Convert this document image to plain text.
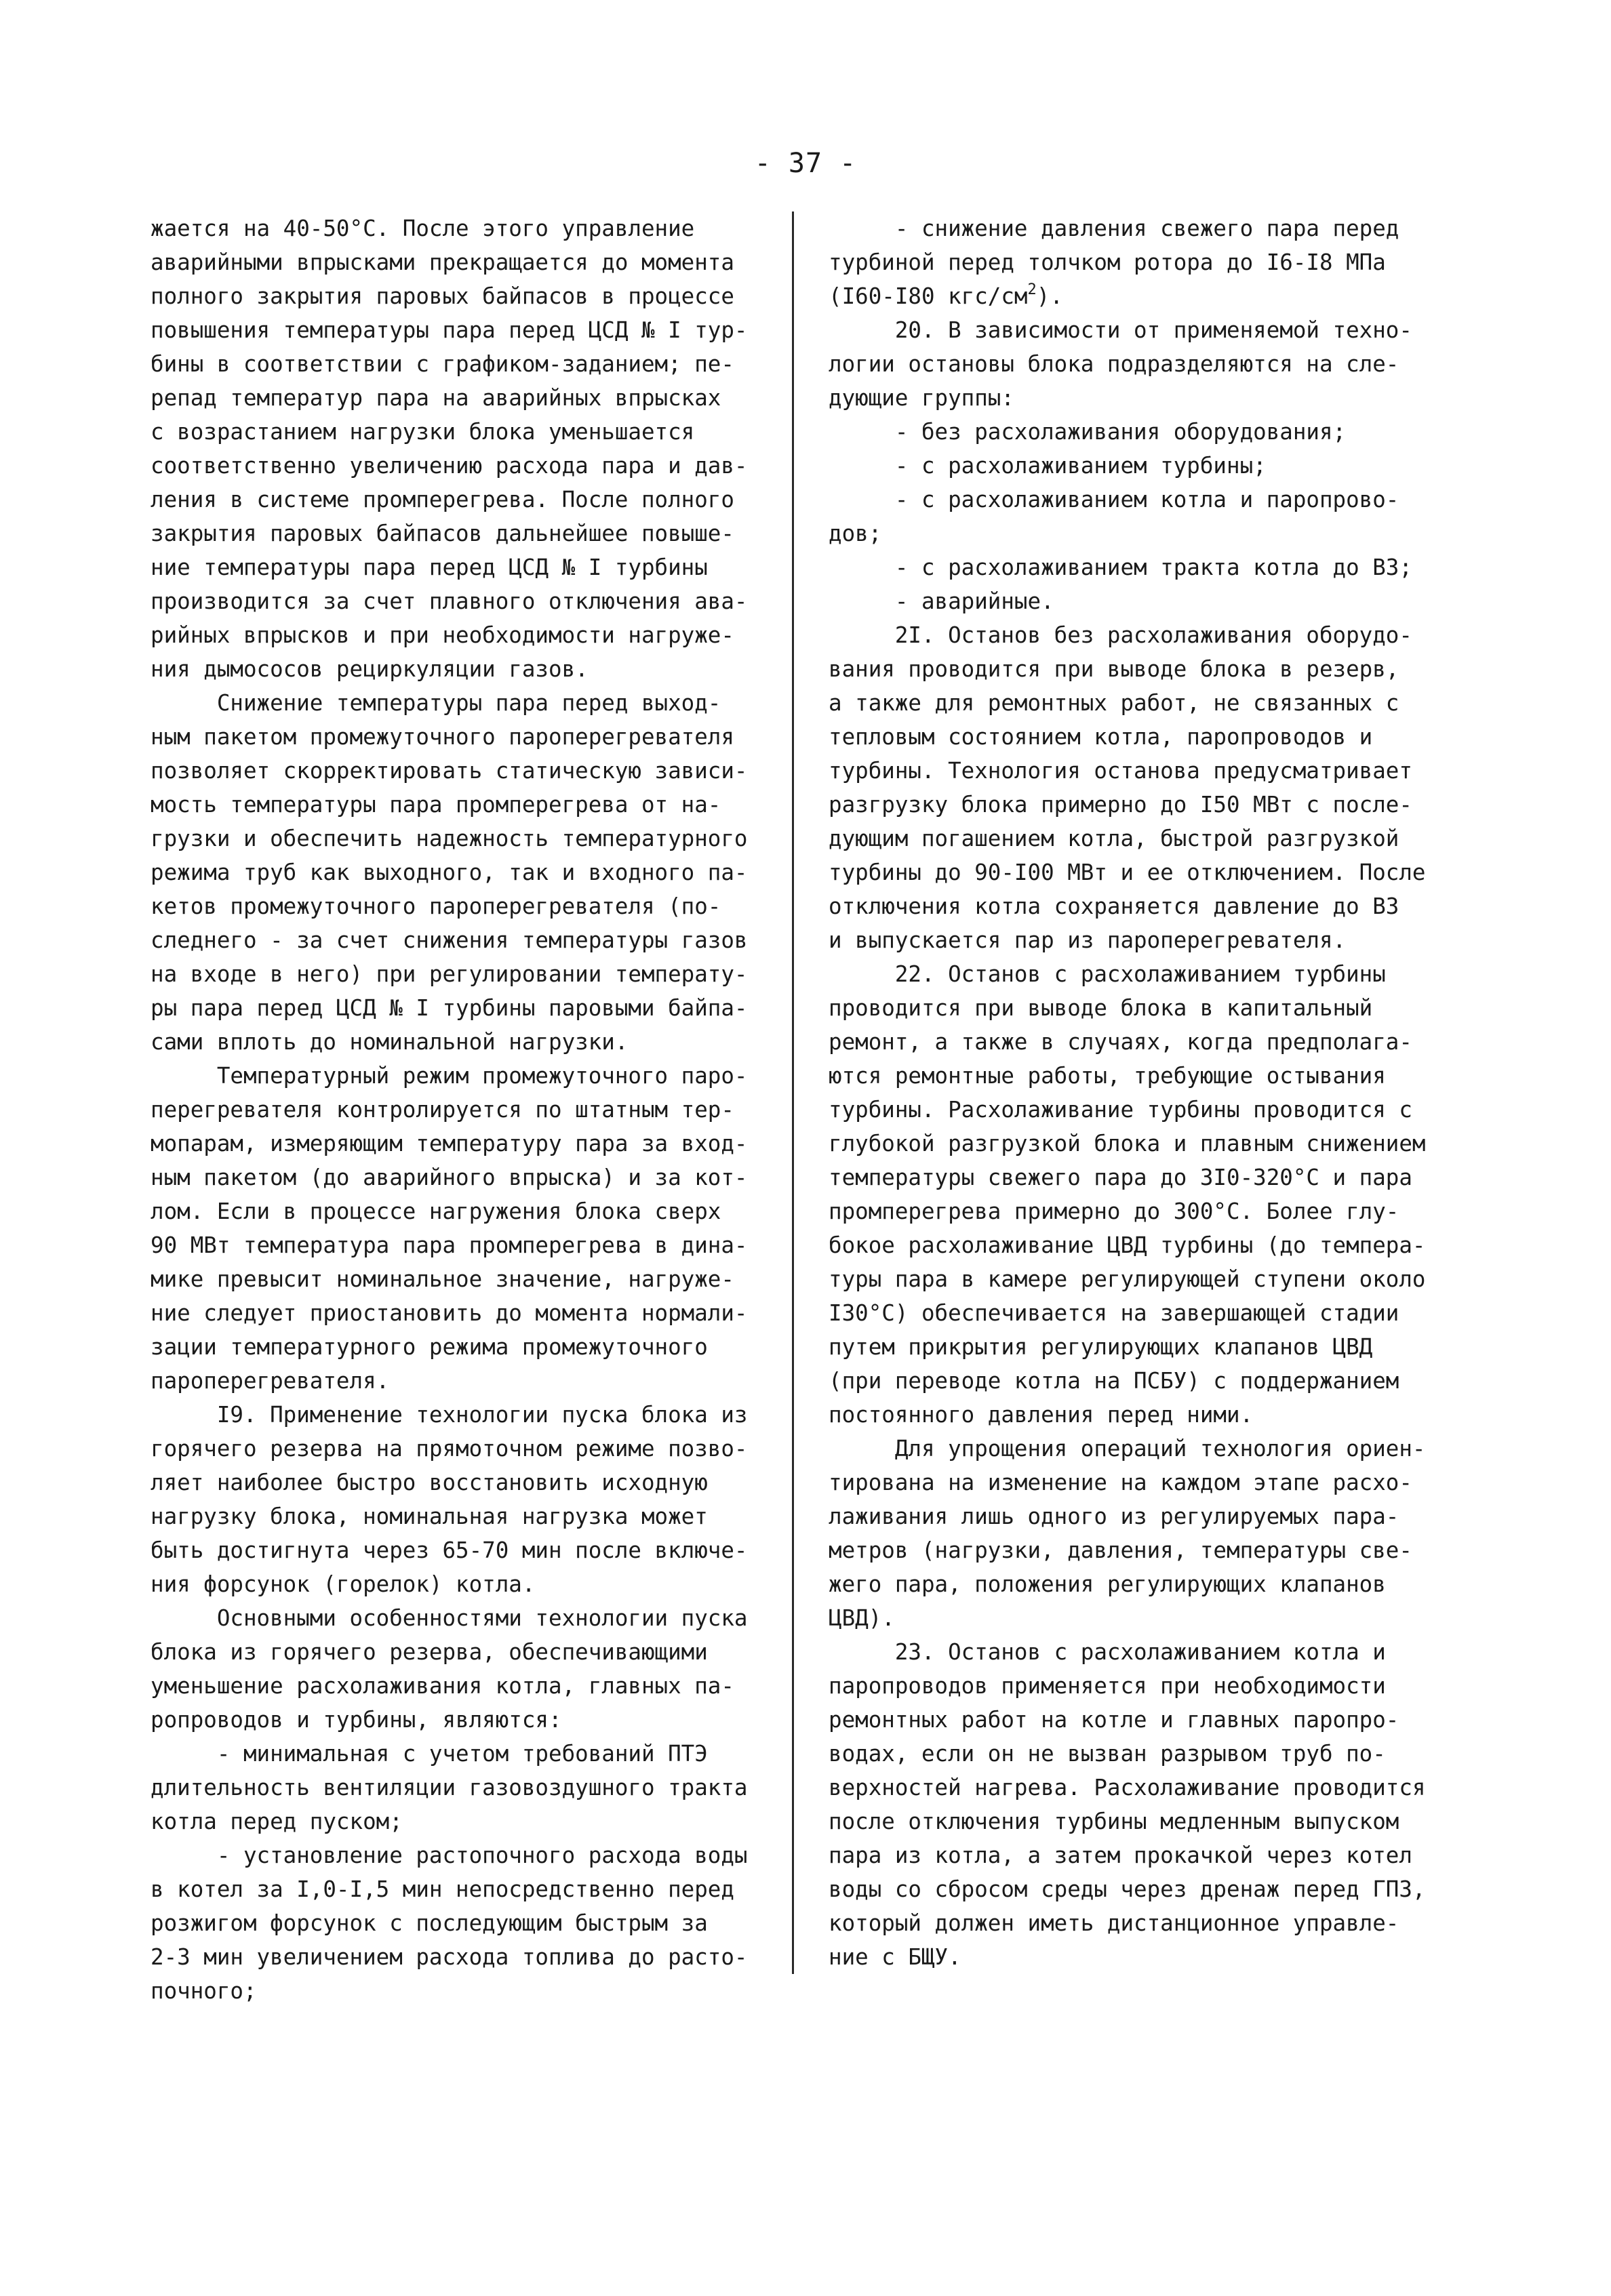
- 37 -
жается на 40-50°С. После этого управление
аварийными впрысками прекращается до момента
полного закрытия паровых байпасов в процессе
повышения температуры пара перед ЦСД № I тур-
бины в соответствии с графиком-заданием; пе-
репад температур пара на аварийных впрысках
с возрастанием нагрузки блока уменьшается
соответственно увеличению расхода пара и дав-
ления в системе промперегрева. После полного
закрытия паровых байпасов дальнейшее повыше-
ние температуры пара перед ЦСД № I турбины
производится за счет плавного отключения ава-
рийных впрысков и при необходимости нагруже-
ния дымососов рециркуляции газов.
Снижение температуры пара перед выход-
ным пакетом промежуточного пароперегревателя
позволяет скорректировать статическую зависи-
мость температуры пара промперегрева от на-
грузки и обеспечить надежность температурного
режима труб как выходного, так и входного па-
кетов промежуточного пароперегревателя (по-
следнего - за счет снижения температуры газов
на входе в него) при регулировании температу-
ры пара перед ЦСД № I турбины паровыми байпа-
сами вплоть до номинальной нагрузки.
Температурный режим промежуточного паро-
перегревателя контролируется по штатным тер-
мопарам, измеряющим температуру пара за вход-
ным пакетом (до аварийного впрыска) и за кот-
лом. Если в процессе нагружения блока сверх
90 МВт температура пара промперегрева в дина-
мике превысит номинальное значение, нагруже-
ние следует приостановить до момента нормали-
зации температурного режима промежуточного
пароперегревателя.
I9. Применение технологии пуска блока из
горячего резерва на прямоточном режиме позво-
ляет наиболее быстро восстановить исходную
нагрузку блока, номинальная нагрузка может
быть достигнута через 65-70 мин после включе-
ния форсунок (горелок) котла.
Основными особенностями технологии пуска
блока из горячего резерва, обеспечивающими
уменьшение расхолаживания котла, главных па-
ропроводов и турбины, являются:
- минимальная с учетом требований ПТЭ
длительность вентиляции газовоздушного тракта
котла перед пуском;
- установление растопочного расхода воды
в котел за I,0-I,5 мин непосредственно перед
розжигом форсунок с последующим быстрым за
2-3 мин увеличением расхода топлива до расто-
почного;
- снижение давления свежего пара перед
турбиной перед толчком ротора до I6-I8 МПа
(I60-I80 кгс/$см^2$).
20. В зависимости от применяемой техно-
логии остановы блока подразделяются на сле-
дующие группы:
- без расхолаживания оборудования;
- с расхолаживанием турбины;
- с расхолаживанием котла и паропрово-
дов;
- с расхолаживанием тракта котла до ВЗ;
- аварийные.
2I. Останов без расхолаживания оборудо-
вания проводится при выводе блока в резерв,
а также для ремонтных работ, не связанных с
тепловым состоянием котла, паропроводов и
турбины. Технология останова предусматривает
разгрузку блока примерно до I50 МВт с после-
дующим погашением котла, быстрой разгрузкой
турбины до 90-I00 МВт и ее отключением. После
отключения котла сохраняется давление до ВЗ
и выпускается пар из пароперегревателя.
22. Останов с расхолаживанием турбины
проводится при выводе блока в капитальный
ремонт, а также в случаях, когда предполага-
ются ремонтные работы, требующие остывания
турбины. Расхолаживание турбины проводится с
глубокой разгрузкой блока и плавным снижением
температуры свежего пара до 3I0-320°С и пара
промперегрева примерно до 300°С. Более глу-
бокое расхолаживание ЦВД турбины (до темпера-
туры пара в камере регулирующей ступени около
I30°С) обеспечивается на завершающей стадии
путем прикрытия регулирующих клапанов ЦВД
(при переводе котла на ПСБУ) с поддержанием
постоянного давления перед ними.
Для упрощения операций технология ориен-
тирована на изменение на каждом этапе расхо-
лаживания лишь одного из регулируемых пара-
метров (нагрузки, давления, температуры све-
жего пара, положения регулирующих клапанов
ЦВД).
23. Останов с расхолаживанием котла и
паропроводов применяется при необходимости
ремонтных работ на котле и главных паропро-
водах, если он не вызван разрывом труб по-
верхностей нагрева. Расхолаживание проводится
после отключения турбины медленным выпуском
пара из котла, а затем прокачкой через котел
воды со сбросом среды через дренаж перед ГПЗ,
который должен иметь дистанционное управле-
ние с БЩУ.
